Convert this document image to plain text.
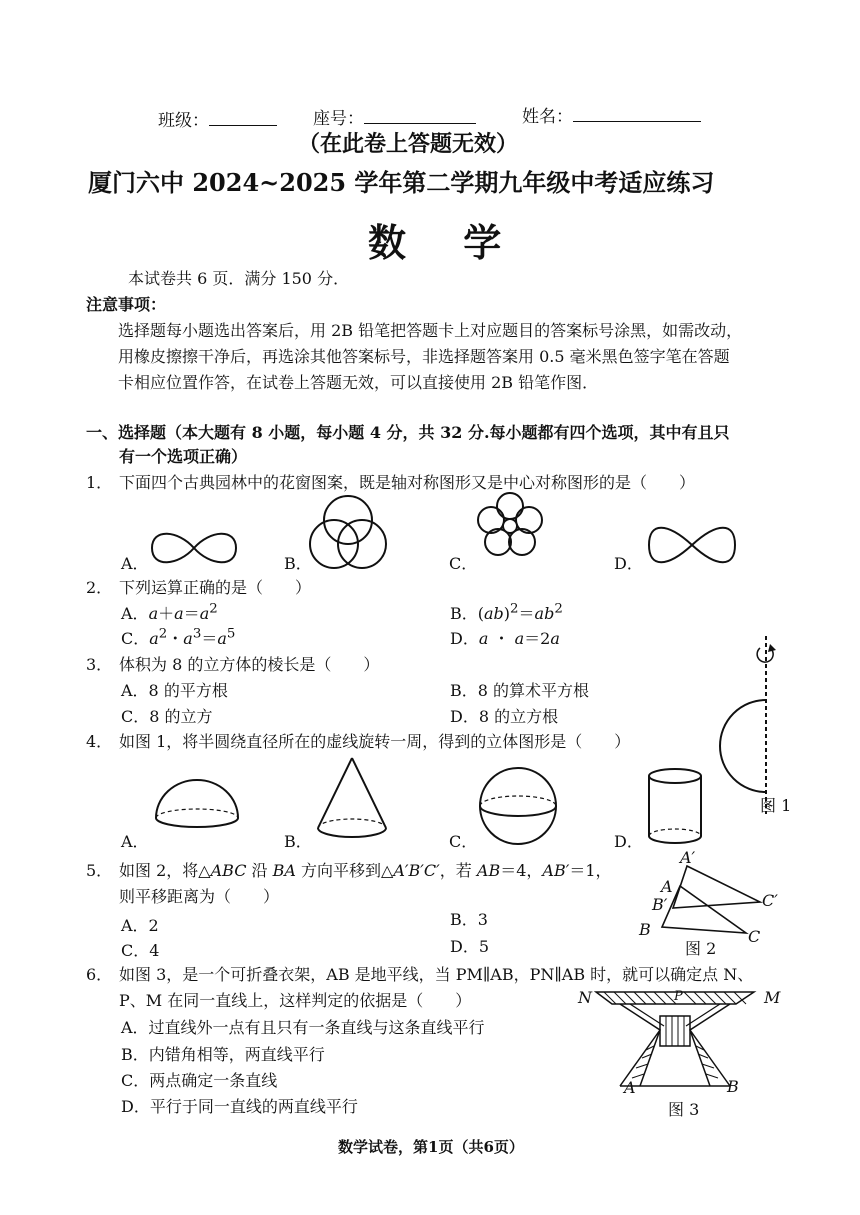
班级：	座号：	姓名：
（在此卷上答题无效）
厦门六中 2024~2025 学年第二学期九年级中考适应练习
数 学
本试卷共 6 页．满分 150 分．
注意事项：
选择题每小题选出答案后，用 2B 铅笔把答题卡上对应题目的答案标号涂黑，如需改动，
用橡皮擦擦干净后，再选涂其他答案标号，非选择题答案用 0.5 毫米黑色签字笔在答题
卡相应位置作答，在试卷上答题无效，可以直接使用 2B 铅笔作图．
一、选择题（本大题有 8 小题，每小题 4 分，共 32 分.每小题都有四个选项，其中有且只
有一个选项正确）
1． 下面四个古典园林中的花窗图案，既是轴对称图形又是中心对称图形的是（　　）
A．	B．	C．	D．
2． 下列运算正确的是（　　）
A．$a+a=a^2$	B．$(ab)^2=ab^2$
C．$a^2$・$a^3=a^5$	D．a ・ a＝2a
3． 体积为 8 的立方体的棱长是（　　）
A．8 的平方根	B．8 的算术平方根
C．8 的立方	D．8 的立方根
图 1
4． 如图 1，将半圆绕直径所在的虚线旋转一周，得到的立体图形是（　　）
A．	B．	C．	D．
5． 如图 2，将△ABC 沿 BA 方向平移到△A′B′C′，若 AB＝4，AB′＝1，
则平移距离为（　　）
A．2	B．3
C．4	D．5
A′
A
B′	C′
B	C
图 2
6． 如图 3，是一个可折叠衣架，AB 是地平线，当 PM∥AB，PN∥AB 时，就可以确定点 N、
P、M 在同一直线上，这样判定的依据是（　　）
A．过直线外一点有且只有一条直线与这条直线平行
B．内错角相等，两直线平行
C．两点确定一条直线
D．平行于同一直线的两直线平行
N	P	M
A	B
图 3
数学试卷，第1页（共6页）
